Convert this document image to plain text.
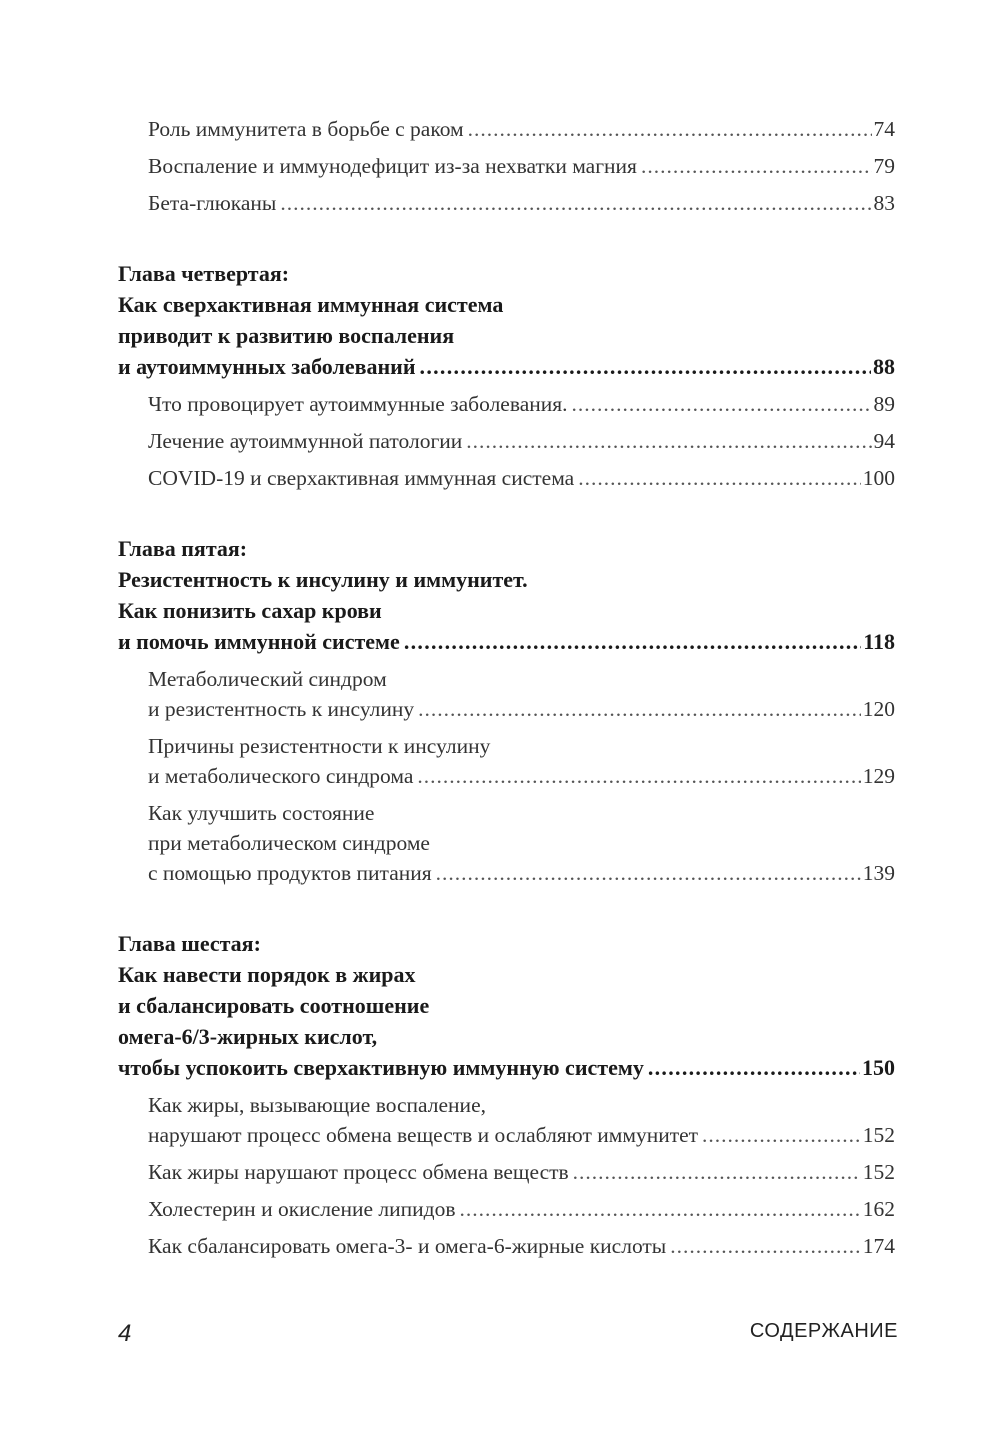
Роль иммунитета в борьбе с раком .....	74
Воспаление и иммунодефицит из-за нехватки магния .....	79
Бета-глюканы .....	83
Глава четвертая:
Как сверхактивная иммунная система
приводит к развитию воспаления
и аутоиммунных заболеваний .....	88
Что провоцирует аутоиммунные заболевания. .....	89
Лечение аутоиммунной патологии .....	94
COVID-19 и сверхактивная иммунная система .....	100
Глава пятая:
Резистентность к инсулину и иммунитет.
Как понизить сахар крови
и помочь иммунной системе .....	118
Метаболический синдром
и резистентность к инсулину .....	120
Причины резистентности к инсулину
и метаболического синдрома .....	129
Как улучшить состояние
при метаболическом синдроме
с помощью продуктов питания .....	139
Глава шестая:
Как навести порядок в жирах
и сбалансировать соотношение
омега-6/3-жирных кислот,
чтобы успокоить сверхактивную иммунную систему .....	150
Как жиры, вызывающие воспаление,
нарушают процесс обмена веществ и ослабляют иммунитет .....	152
Как жиры нарушают процесс обмена веществ .....	152
Холестерин и окисление липидов .....	162
Как сбалансировать омега-3- и омега-6-жирные кислоты .....	174
4	СОДЕРЖАНИЕ
